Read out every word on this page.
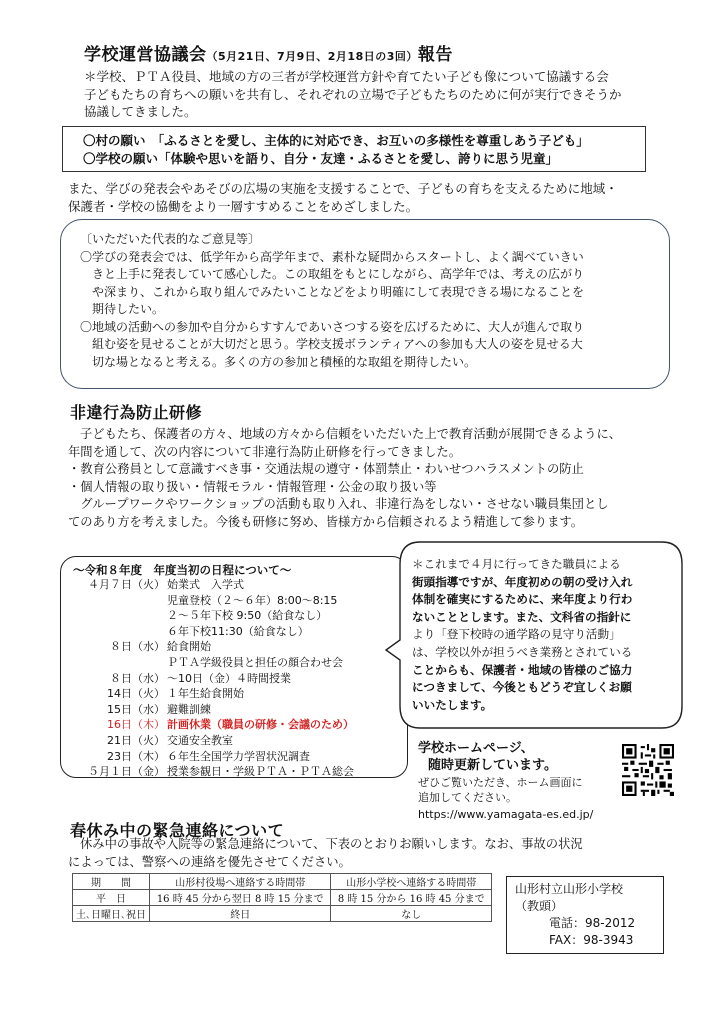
学校運営協議会（5月21日、7月9日、2月18日の3回）報告
＊学校、ＰＴＡ役員、地域の方の三者が学校運営方針や育てたい子ども像について協議する会
子どもたちの育ちへの願いを共有し、それぞれの立場で子どもたちのために何が実行できそうか
協議してきました。
〇村の願い　「ふるさとを愛し、主体的に対応でき、お互いの多様性を尊重しあう子ども」
〇学校の願い「体験や思いを語り、自分・友達・ふるさとを愛し、誇りに思う児童」
また、学びの発表会やあそびの広場の実施を支援することで、子どもの育ちを支えるために地域・
保護者・学校の協働をより一層すすめることをめざしました。
〔いただいた代表的なご意見等〕
〇学びの発表会では、低学年から高学年まで、素朴な疑問からスタートし、よく調べていきい
　きと上手に発表していて感心した。この取組をもとにしながら、高学年では、考えの広がり
　や深まり、これから取り組んでみたいことなどをより明確にして表現できる場になることを
　期待したい。
〇地域の活動への参加や自分からすすんであいさつする姿を広げるために、大人が進んで取り
　組む姿を見せることが大切だと思う。学校支援ボランティアへの参加も大人の姿を見せる大
　切な場となると考える。多くの方の参加と積極的な取組を期待したい。
非違行為防止研修
子どもたち、保護者の方々、地域の方々から信頼をいただいた上で教育活動が展開できるように、
年間を通して、次の内容について非違行為防止研修を行ってきました。
・教育公務員として意識すべき事・交通法規の遵守・体罰禁止・わいせつハラスメントの防止
・個人情報の取り扱い・情報モラル・情報管理・公金の取り扱い等
　グループワークやワークショップの活動も取り入れ、非違行為をしない・させない職員集団とし
てのあり方を考えました。今後も研修に努め、皆様方から信頼されるよう精進して参ります。
～令和８年度　年度当初の日程について～
４月７日（火） 始業式　入学式
児童登校（２～６年）8:00～8:15
２～５年下校 9:50（給食なし）
６年下校11:30（給食なし）
８日（水） 給食開始
ＰＴＡ学級役員と担任の顔合わせ会
８日（水） ～10日（金）４時間授業
14日（火） １年生給食開始
15日（水） 避難訓練
16日（木） 計画休業（職員の研修・会議のため）
21日（火） 交通安全教室
23日（木） ６年生全国学力学習状況調査
５月１日（金） 授業参観日・学級ＰＴＡ・ＰＴＡ総会
＊これまで４月に行ってきた職員による
街頭指導ですが、年度初めの朝の受け入れ
体制を確実にするために、来年度より行わ
ないこととします。また、文科省の指針に
より「登下校時の通学路の見守り活動」
は、学校以外が担うべき業務とされている
ことからも、保護者・地域の皆様のご協力
につきまして、今後ともどうぞ宜しくお願
いいたします。
学校ホームページ、
随時更新しています。
ぜひご覧いただき、ホーム画面に
追加してください。
https://www.yamagata-es.ed.jp/
春休み中の緊急連絡について
休み中の事故や入院等の緊急連絡について、下表のとおりお願いします。なお、事故の状況
によっては、警察への連絡を優先させてください。
期　　間	山形村役場へ連絡する時間帯	山形小学校へ連絡する時間帯
平　日	16 時 45 分から翌日 8 時 15 分まで	8 時 15 分から 16 時 45 分まで
土､日曜日､祝日	終日	なし
山形村立山形小学校
（教頭）
電話：98-2012
FAX：98-3943
